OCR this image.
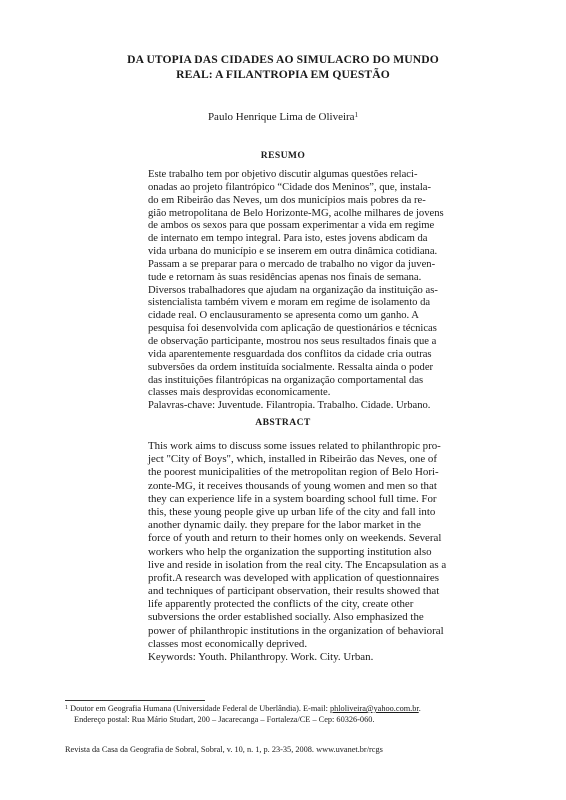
DA UTOPIA DAS CIDADES AO SIMULACRO DO MUNDO
REAL: A FILANTROPIA EM QUESTÃO
Paulo Henrique Lima de Oliveira$^1$
RESUMO
Este trabalho tem por objetivo discutir algumas questões relaci-
onadas ao projeto filantrópico “Cidade dos Meninos”, que, instala-
do em Ribeirão das Neves, um dos municípios mais pobres da re-
gião metropolitana de Belo Horizonte-MG, acolhe milhares de jovens
de ambos os sexos para que possam experimentar a vida em regime
de internato em tempo integral. Para isto, estes jovens abdicam da
vida urbana do município e se inserem em outra dinâmica cotidiana.
Passam a se preparar para o mercado de trabalho no vigor da juven-
tude e retornam às suas residências apenas nos finais de semana.
Diversos trabalhadores que ajudam na organização da instituição as-
sistencialista também vivem e moram em regime de isolamento da
cidade real. O enclausuramento se apresenta como um ganho. A
pesquisa foi desenvolvida com aplicação de questionários e técnicas
de observação participante, mostrou nos seus resultados finais que a
vida aparentemente resguardada dos conflitos da cidade cria outras
subversões da ordem instituída socialmente. Ressalta ainda o poder
das instituições filantrópicas na organização comportamental das
classes mais desprovidas economicamente.
Palavras-chave: Juventude. Filantropia. Trabalho. Cidade. Urbano.
ABSTRACT
This work aims to discuss some issues related to philanthropic pro-
ject "City of Boys", which, installed in Ribeirão das Neves, one of
the poorest municipalities of the metropolitan region of Belo Hori-
zonte-MG, it receives thousands of young women and men so that
they can experience life in a system boarding school full time. For
this, these young people give up urban life of the city and fall into
another dynamic daily. they prepare for the labor market in the
force of youth and return to their homes only on weekends. Several
workers who help the organization the supporting institution also
live and reside in isolation from the real city. The Encapsulation as a
profit.A research was developed with application of questionnaires
and techniques of participant observation, their results showed that
life apparently protected the conflicts of the city, create other
subversions the order established socially. Also emphasized the
power of philanthropic institutions in the organization of behavioral
classes most economically deprived.
Keywords: Youth. Philanthropy. Work. City. Urban.
$^1$ Doutor em Geografia Humana (Universidade Federal de Uberlândia). E-mail: phloliveira@yahoo.com.br.
Endereço postal: Rua Mário Studart, 200 – Jacarecanga – Fortaleza/CE – Cep: 60326-060.
Revista da Casa da Geografia de Sobral, Sobral, v. 10, n. 1, p. 23-35, 2008. www.uvanet.br/rcgs
